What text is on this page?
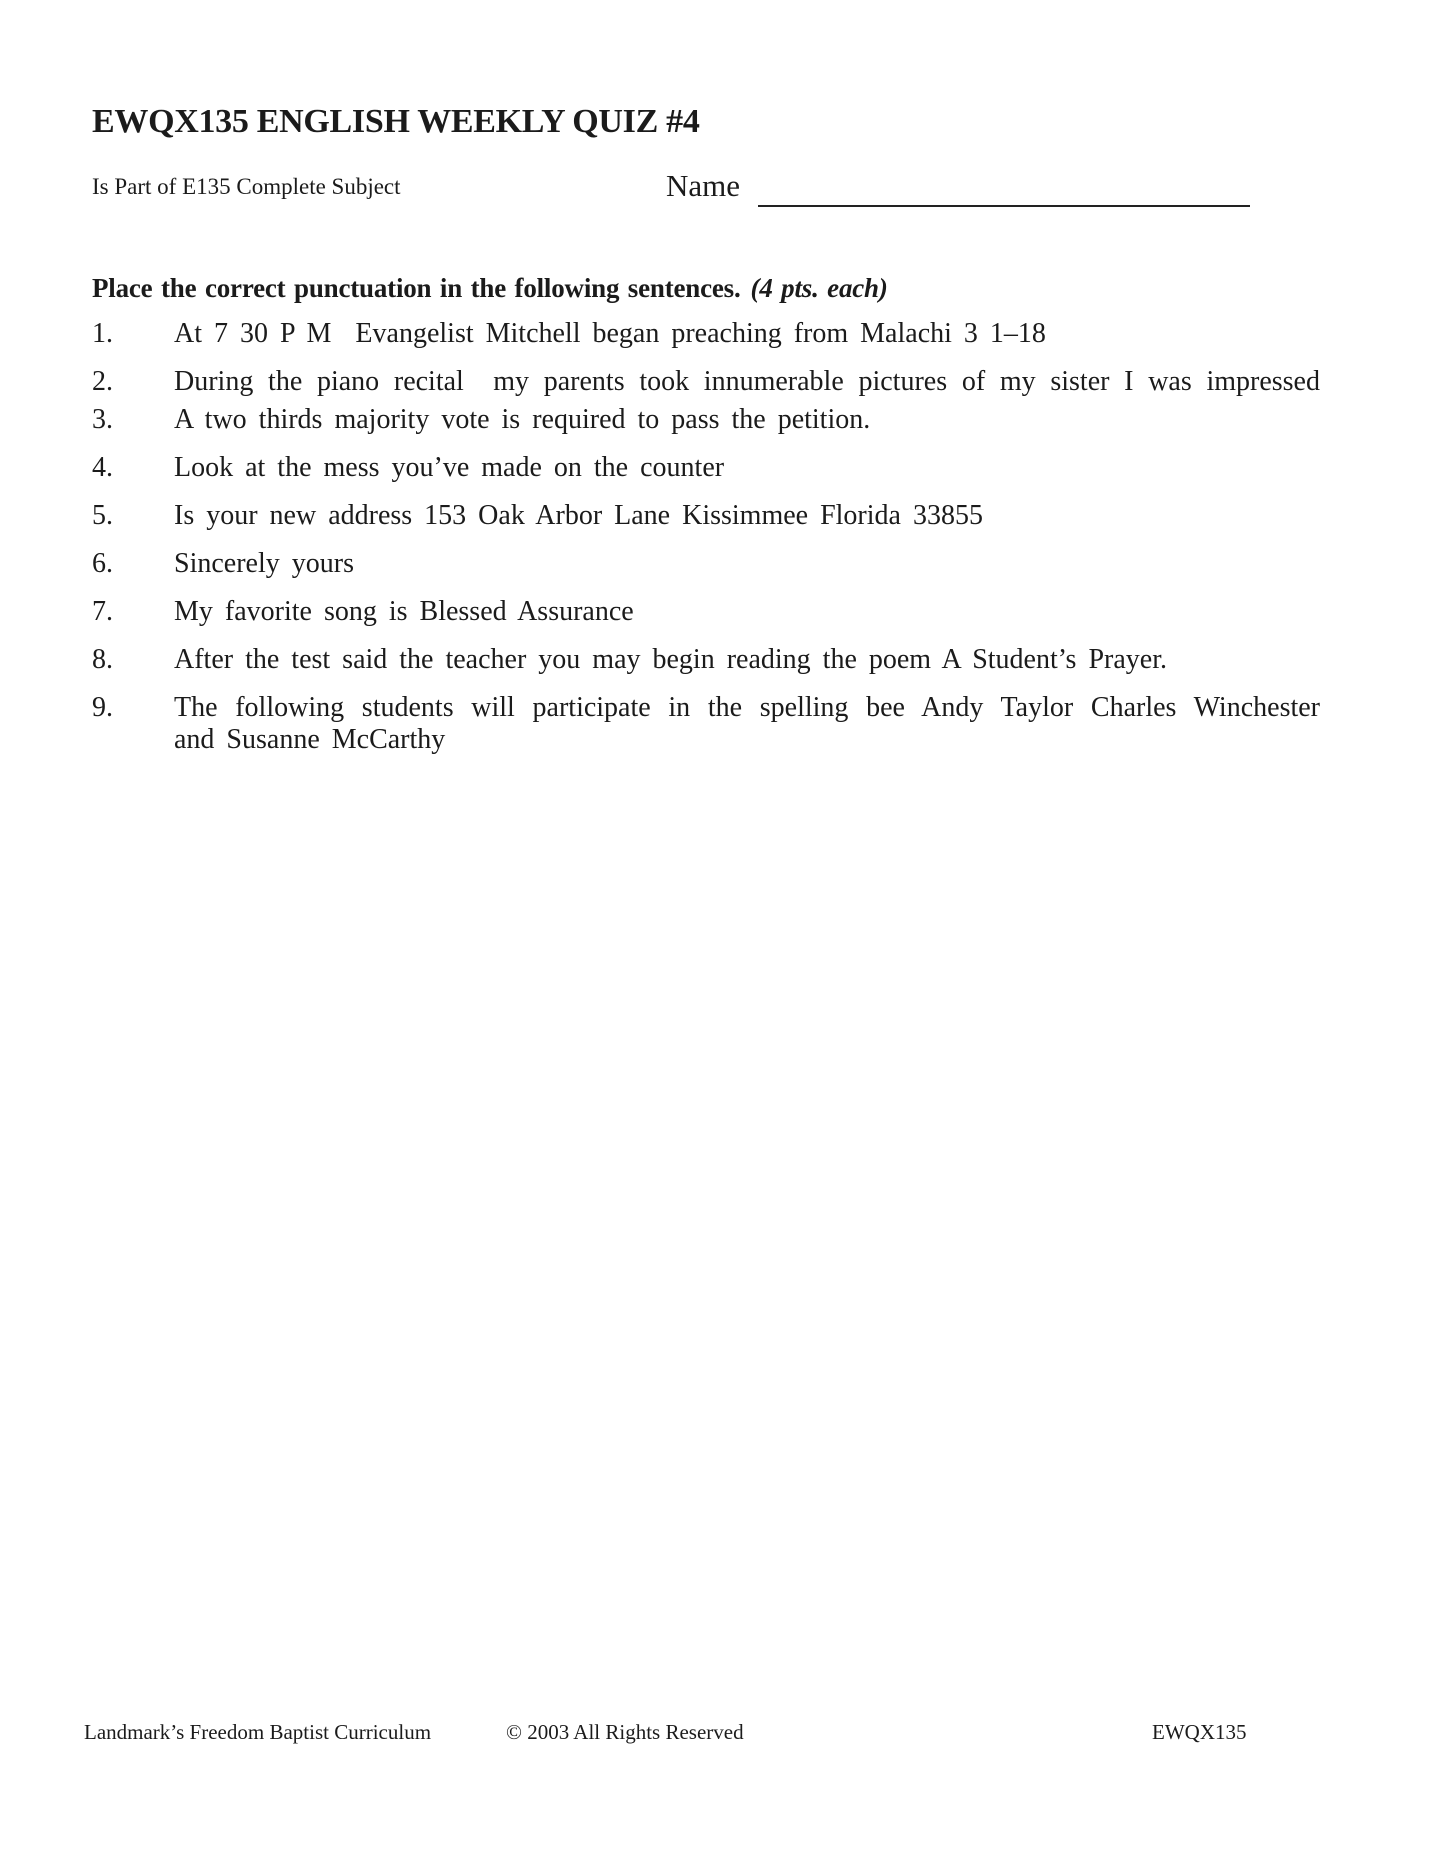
EWQX135 ENGLISH WEEKLY QUIZ #4
Is Part of E135 Complete Subject	Name

Place the correct punctuation in the following sentences. (4 pts. each)

1.	At 7 30 P M  Evangelist Mitchell began preaching from Malachi 3 1–18
2.	During the piano recital  my parents took innumerable pictures of my sister I was impressed
3.	A two thirds majority vote is required to pass the petition.
4.	Look at the mess you’ve made on the counter
5.	Is your new address 153 Oak Arbor Lane Kissimmee Florida 33855
6.	Sincerely yours
7.	My favorite song is Blessed Assurance
8.	After the test said the teacher you may begin reading the poem A Student’s Prayer.
9.	The following students will participate in the spelling bee Andy Taylor Charles Winchester
and Susanne McCarthy
Landmark’s Freedom Baptist Curriculum	© 2003 All Rights Reserved	EWQX135
